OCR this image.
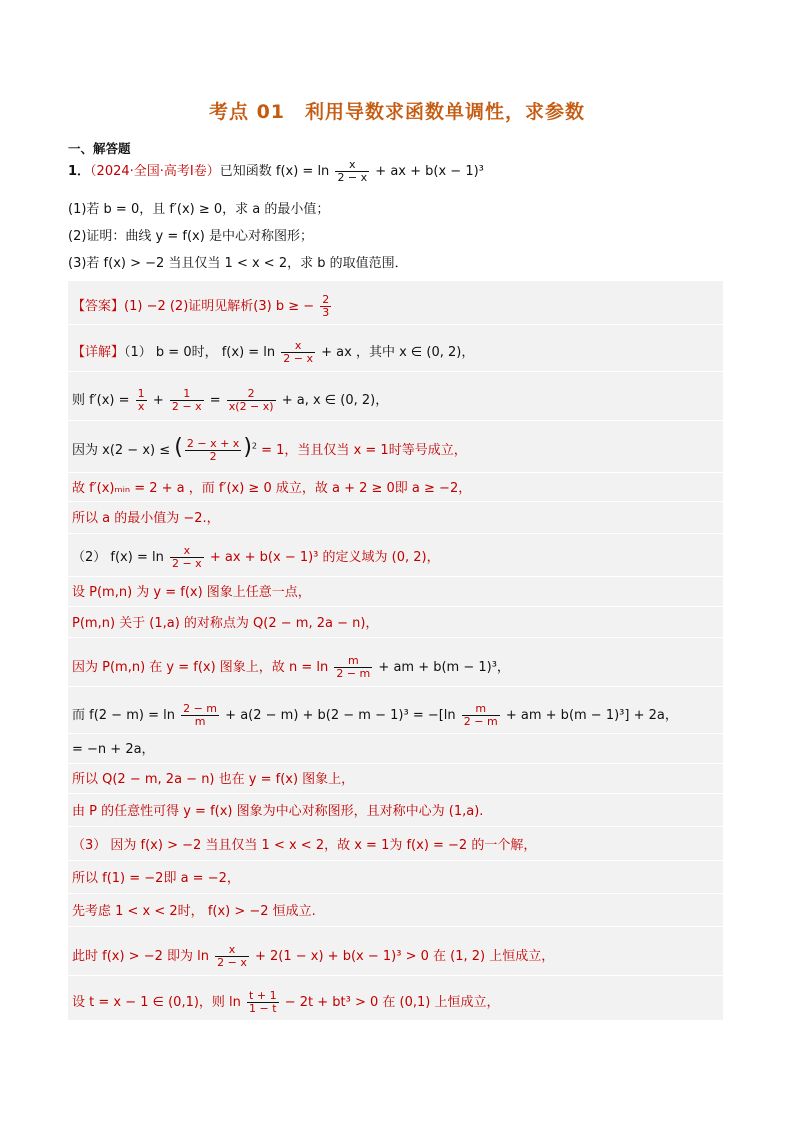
考点 01 利用导数求函数单调性，求参数
一、解答题
1．（2024·全国·高考Ⅰ卷）已知函数 $f(x) = \ln \frac{x}{2 - x}$ + ax + b(x − 1)³
(1)若 b = 0，且 f′(x) ≥ 0，求 a 的最小值；
(2)证明：曲线 y = f(x) 是中心对称图形；
(3)若 f(x) > −2 当且仅当 1 < x < 2，求 b 的取值范围．
【答案】(1) −2 (2)证明见解析(3) b ≥ − $\frac{2}{3}$
【详解】（1） b = 0时， $f(x) = \ln \frac{x}{2 - x}$ + ax ，其中 x ∈ (0, 2)，
则 $f'(x) = \frac{1}{x} + \frac{1}{2 - x} = \frac{2}{x(2 - x)} + a$, x ∈ (0, 2)，
因为 x(2 − x) ≤ ( $\frac{2 - x + x}{2} )^2 = 1$，当且仅当 x = 1时等号成立，
故 f′(x)ₘᵢₙ = 2 + a ，而 f′(x) ≥ 0 成立，故 a + 2 ≥ 0即 a ≥ −2，
所以 a 的最小值为 −2.，
（2） $f(x) = \ln \frac{x}{2 - x}$ + ax + b(x − 1)³ 的定义域为 (0, 2)，
设 P(m,n) 为 y = f(x) 图象上任意一点，
P(m,n) 关于 (1,a) 的对称点为 Q(2 − m, 2a − n)，
因为 P(m,n) 在 y = f(x) 图象上，故 $n = \ln \frac{m}{2 - m}$ + am + b(m − 1)³，
而 $f(2 - m) = \ln \frac{2 - m}{m} + a(2 - m) + b(2 - m - 1)^3 = -[\ln \frac{m}{2 - m}$ + am + b(m − 1)³] + 2a，
= −n + 2a，
所以 Q(2 − m, 2a − n) 也在 y = f(x) 图象上，
由 P 的任意性可得 y = f(x) 图象为中心对称图形，且对称中心为 (1,a).
（3） 因为 f(x) > −2 当且仅当 1 < x < 2，故 x = 1为 f(x) = −2 的一个解，
所以 f(1) = −2即 a = −2，
先考虑 1 < x < 2时， f(x) > −2 恒成立.
此时 f(x) > −2 即为 $\ln \frac{x}{2 - x} + 2(1 - x) + b(x - 1)^3 > 0$ 在 (1, 2) 上恒成立，
设 t = x − 1 ∈ (0,1)，则 $\ln \frac{t + 1}{1 - t} - 2t + bt^3 > 0$ 在 (0,1) 上恒成立，
